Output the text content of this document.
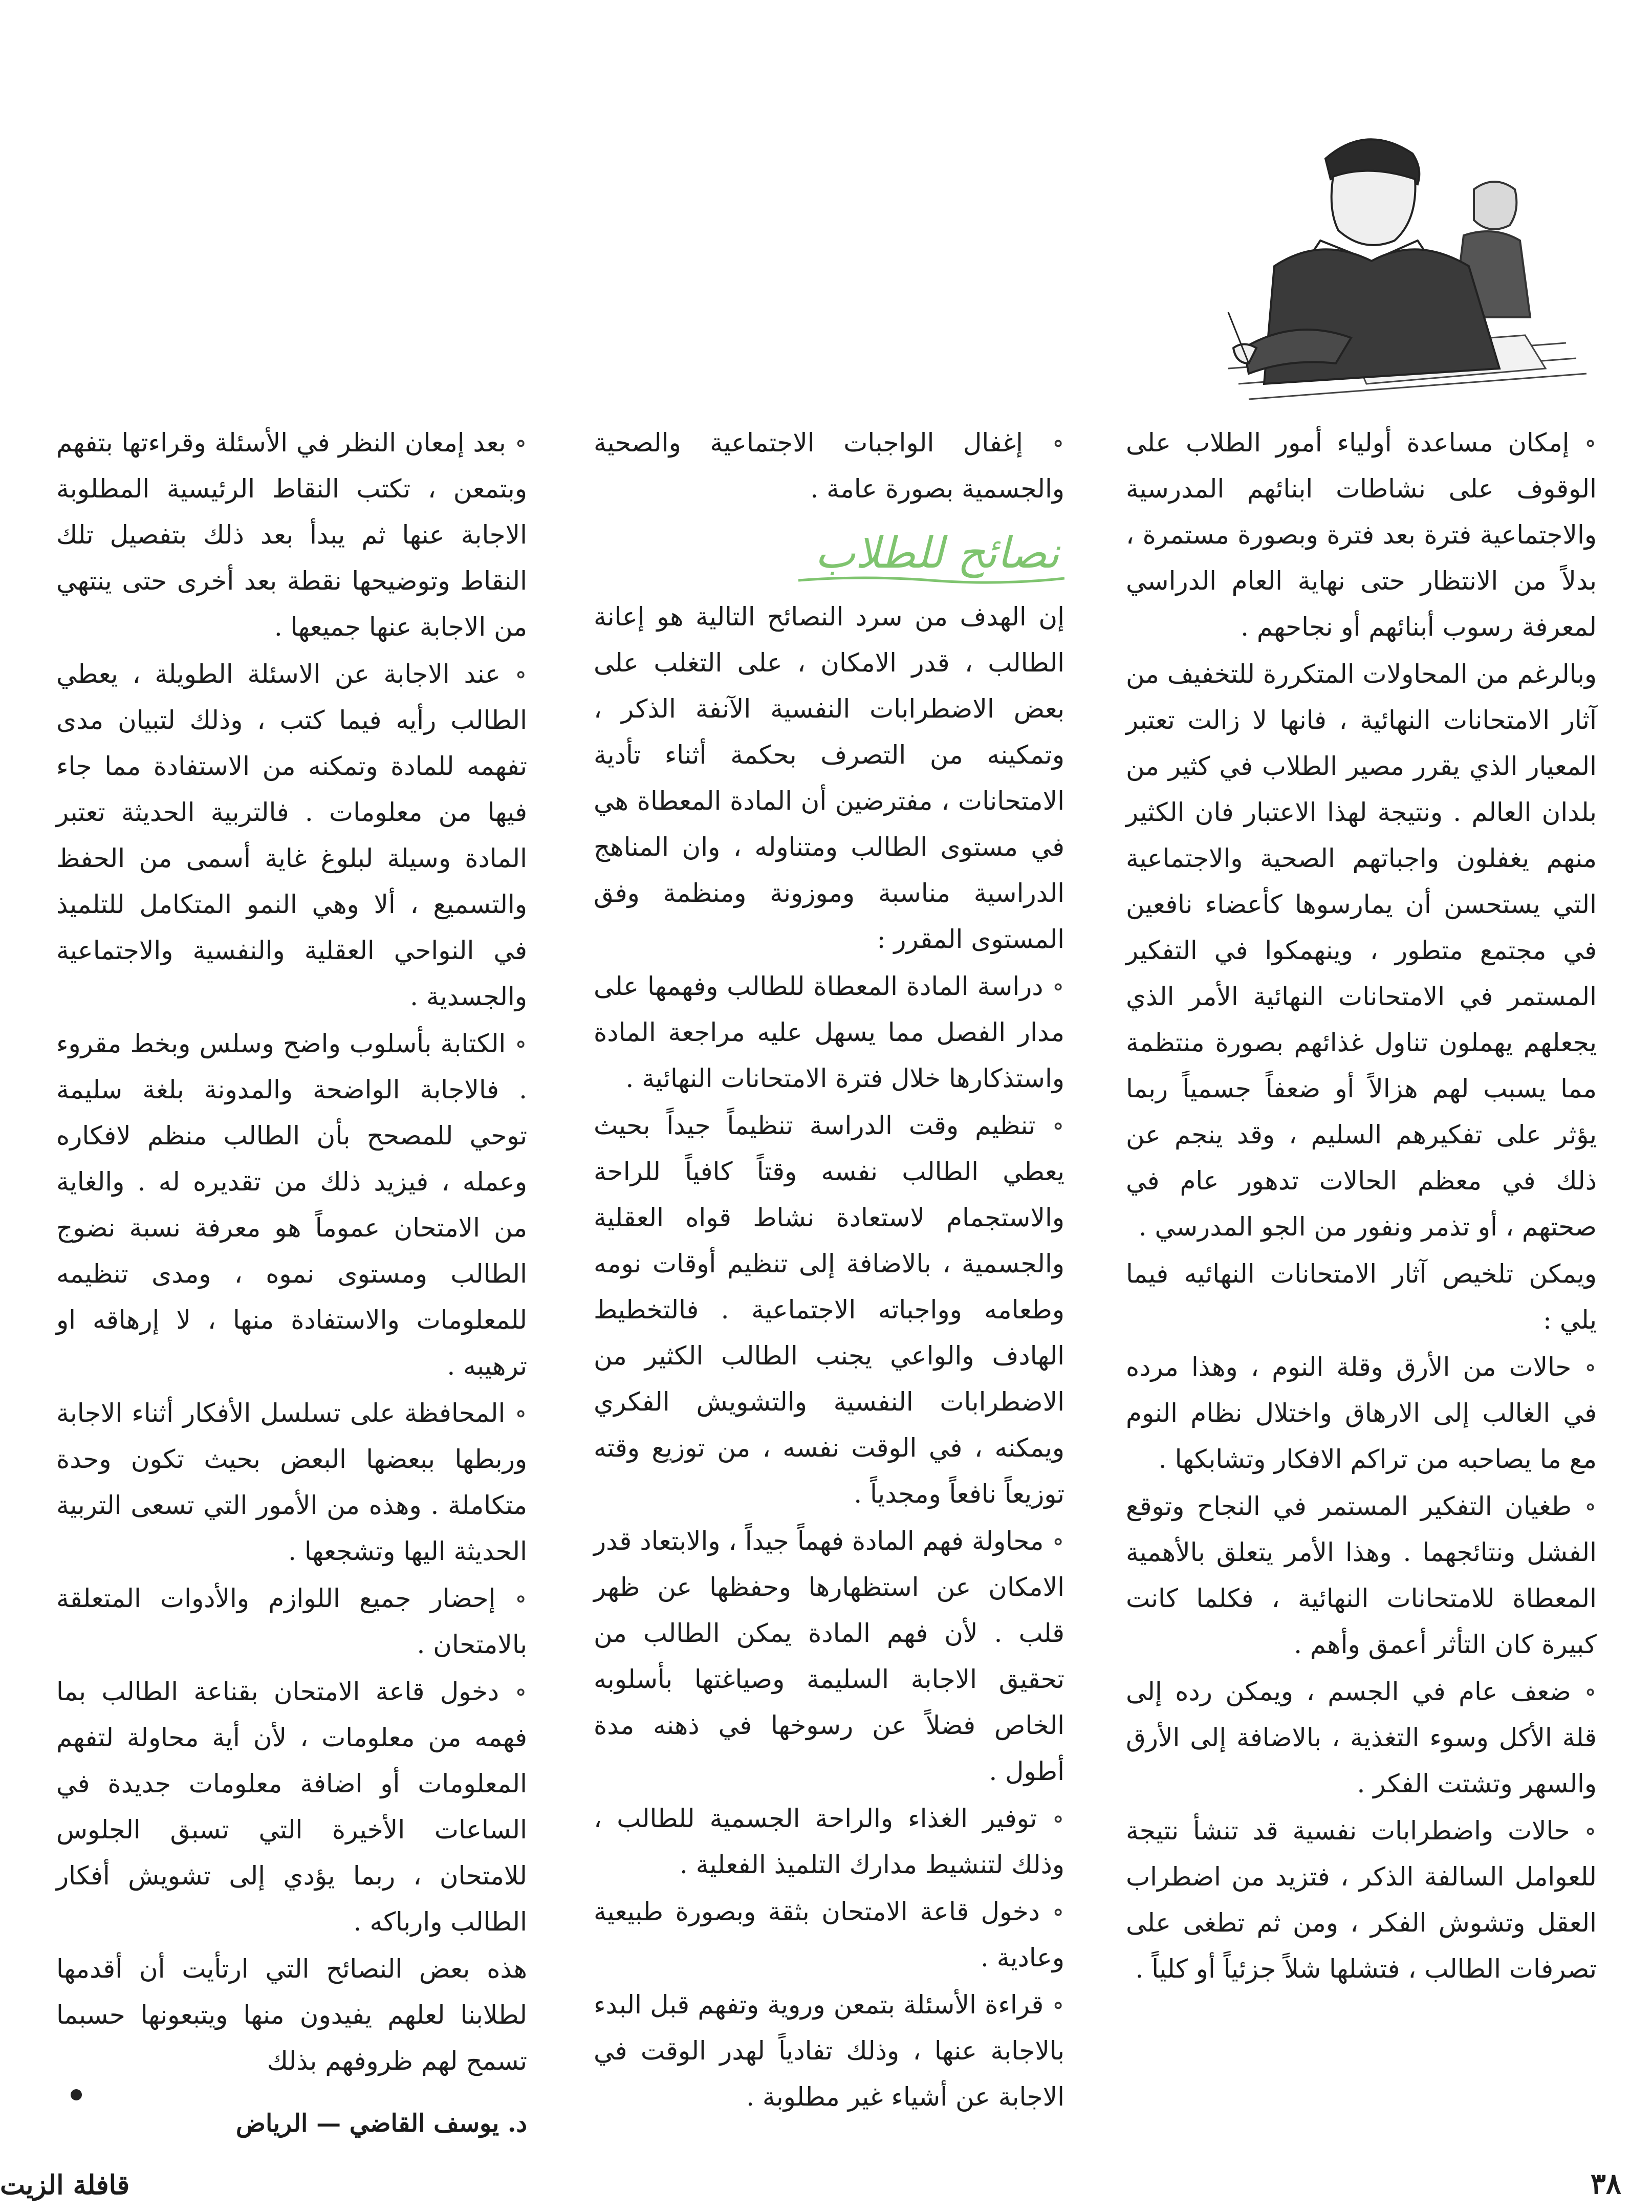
∘ إمكان مساعدة أولياء أمور الطلاب على الوقوف على نشاطات ابنائهم المدرسية والاجتماعية فترة بعد فترة وبصورة مستمرة ، بدلاً من الانتظار حتى نهاية العام الدراسي لمعرفة رسوب أبنائهم أو نجاحهم .

وبالرغم من المحاولات المتكررة للتخفيف من آثار الامتحانات النهائية ، فانها لا زالت تعتبر المعيار الذي يقرر مصير الطلاب في كثير من بلدان العالم . ونتيجة لهذا الاعتبار فان الكثير منهم يغفلون واجباتهم الصحية والاجتماعية التي يستحسن أن يمارسوها كأعضاء نافعين في مجتمع متطور ، وينهمكوا في التفكير المستمر في الامتحانات النهائية الأمر الذي يجعلهم يهملون تناول غذائهم بصورة منتظمة مما يسبب لهم هزالاً أو ضعفاً جسمياً ربما يؤثر على تفكيرهم السليم ، وقد ينجم عن ذلك في معظم الحالات تدهور عام في صحتهم ، أو تذمر ونفور من الجو المدرسي .

ويمكن تلخيص آثار الامتحانات النهائيه فيما يلي :

∘ حالات من الأرق وقلة النوم ، وهذا مرده في الغالب إلى الارهاق واختلال نظام النوم مع ما يصاحبه من تراكم الافكار وتشابكها .

∘ طغيان التفكير المستمر في النجاح وتوقع الفشل ونتائجهما . وهذا الأمر يتعلق بالأهمية المعطاة للامتحانات النهائية ، فكلما كانت كبيرة كان التأثر أعمق وأهم .

∘ ضعف عام في الجسم ، ويمكن رده إلى قلة الأكل وسوء التغذية ، بالاضافة إلى الأرق والسهر وتشتت الفكر .

∘ حالات واضطرابات نفسية قد تنشأ نتيجة للعوامل السالفة الذكر ، فتزيد من اضطراب العقل وتشوش الفكر ، ومن ثم تطغى على تصرفات الطالب ، فتشلها شلاً جزئياً أو كلياً .

∘ إغفال الواجبات الاجتماعية والصحية والجسمية بصورة عامة .

نصائح للطلاب

إن الهدف من سرد النصائح التالية هو إعانة الطالب ، قدر الامكان ، على التغلب على بعض الاضطرابات النفسية الآنفة الذكر ، وتمكينه من التصرف بحكمة أثناء تأدية الامتحانات ، مفترضين أن المادة المعطاة هي في مستوى الطالب ومتناوله ، وان المناهج الدراسية مناسبة وموزونة ومنظمة وفق المستوى المقرر :

∘ دراسة المادة المعطاة للطالب وفهمها على مدار الفصل مما يسهل عليه مراجعة المادة واستذكارها خلال فترة الامتحانات النهائية .

∘ تنظيم وقت الدراسة تنظيماً جيداً بحيث يعطي الطالب نفسه وقتاً كافياً للراحة والاستجمام لاستعادة نشاط قواه العقلية والجسمية ، بالاضافة إلى تنظيم أوقات نومه وطعامه وواجباته الاجتماعية . فالتخطيط الهادف والواعي يجنب الطالب الكثير من الاضطرابات النفسية والتشويش الفكري ويمكنه ، في الوقت نفسه ، من توزيع وقته توزيعاً نافعاً ومجدياً .

∘ محاولة فهم المادة فهماً جيداً ، والابتعاد قدر الامكان عن استظهارها وحفظها عن ظهر قلب . لأن فهم المادة يمكن الطالب من تحقيق الاجابة السليمة وصياغتها بأسلوبه الخاص فضلاً عن رسوخها في ذهنه مدة أطول .

∘ توفير الغذاء والراحة الجسمية للطالب ، وذلك لتنشيط مدارك التلميذ الفعلية .

∘ دخول قاعة الامتحان بثقة وبصورة طبيعية وعادية .

∘ قراءة الأسئلة بتمعن وروية وتفهم قبل البدء بالاجابة عنها ، وذلك تفادياً لهدر الوقت في الاجابة عن أشياء غير مطلوبة .

∘ بعد إمعان النظر في الأسئلة وقراءتها بتفهم وبتمعن ، تكتب النقاط الرئيسية المطلوبة الاجابة عنها ثم يبدأ بعد ذلك بتفصيل تلك النقاط وتوضيحها نقطة بعد أخرى حتى ينتهي من الاجابة عنها جميعها .

∘ عند الاجابة عن الاسئلة الطويلة ، يعطي الطالب رأيه فيما كتب ، وذلك لتبيان مدى تفهمه للمادة وتمكنه من الاستفادة مما جاء فيها من معلومات . فالتربية الحديثة تعتبر المادة وسيلة لبلوغ غاية أسمى من الحفظ والتسميع ، ألا وهي النمو المتكامل للتلميذ في النواحي العقلية والنفسية والاجتماعية والجسدية .

∘ الكتابة بأسلوب واضح وسلس وبخط مقروء . فالاجابة الواضحة والمدونة بلغة سليمة توحي للمصحح بأن الطالب منظم لافكاره وعمله ، فيزيد ذلك من تقديره له . والغاية من الامتحان عموماً هو معرفة نسبة نضوج الطالب ومستوى نموه ، ومدى تنظيمه للمعلومات والاستفادة منها ، لا إرهاقه او ترهيبه .

∘ المحافظة على تسلسل الأفكار أثناء الاجابة وربطها ببعضها البعض بحيث تكون وحدة متكاملة . وهذه من الأمور التي تسعى التربية الحديثة اليها وتشجعها .

∘ إحضار جميع اللوازم والأدوات المتعلقة بالامتحان .

∘ دخول قاعة الامتحان بقناعة الطالب بما فهمه من معلومات ، لأن أية محاولة لتفهم المعلومات أو اضافة معلومات جديدة في الساعات الأخيرة التي تسبق الجلوس للامتحان ، ربما يؤدي إلى تشويش أفكار الطالب وارباكه .

هذه بعض النصائح التي ارتأيت أن أقدمها لطلابنا لعلهم يفيدون منها ويتبعونها حسبما تسمح لهم ظروفهم بذلك

د. يوسف القاضي — الرياض

٣٨
قافلة الزيت
